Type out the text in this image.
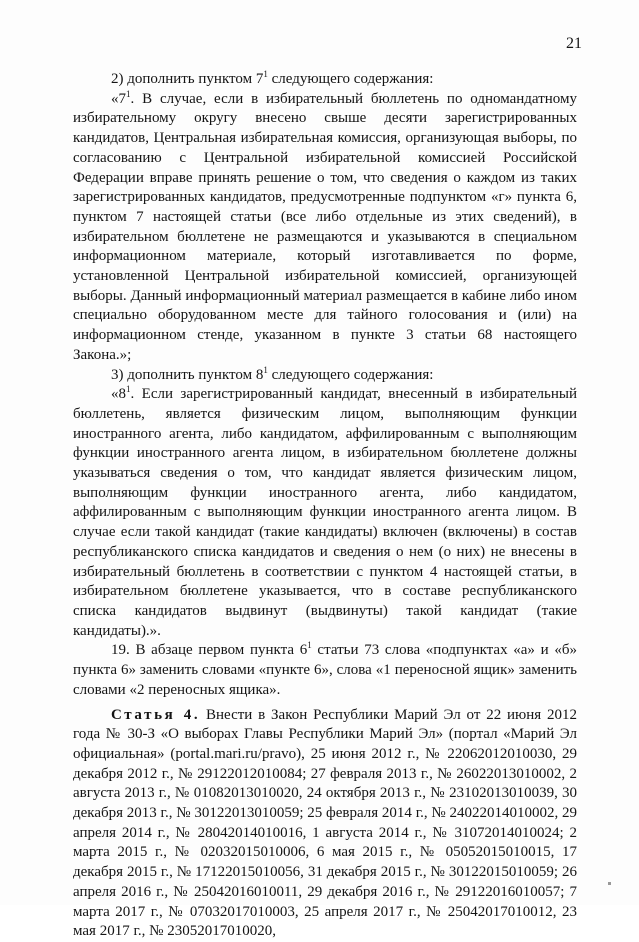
21

2) дополнить пунктом $7^1$ следующего содержания:

«$7^1$. В случае, если в избирательный бюллетень по одномандатному избирательному округу внесено свыше десяти зарегистрированных кандидатов, Центральная избирательная комиссия, организующая выборы, по согласованию с Центральной избирательной комиссией Российской Федерации вправе принять решение о том, что сведения о каждом из таких зарегистрированных кандидатов, предусмотренные подпунктом «г» пункта 6, пунктом 7 настоящей статьи (все либо отдельные из этих сведений), в избирательном бюллетене не размещаются и указываются в специальном информационном материале, который изготавливается по форме, установленной Центральной избирательной комиссией, организующей выборы. Данный информационный материал размещается в кабине либо ином специально оборудованном месте для тайного голосования и (или) на информационном стенде, указанном в пункте 3 статьи 68 настоящего Закона.»;

3) дополнить пунктом $8^1$ следующего содержания:

«$8^1$. Если зарегистрированный кандидат, внесенный в избирательный бюллетень, является физическим лицом, выполняющим функции иностранного агента, либо кандидатом, аффилированным с выполняющим функции иностранного агента лицом, в избирательном бюллетене должны указываться сведения о том, что кандидат является физическим лицом, выполняющим функции иностранного агента, либо кандидатом, аффилированным с выполняющим функции иностранного агента лицом. В случае если такой кандидат (такие кандидаты) включен (включены) в состав республиканского списка кандидатов и сведения о нем (о них) не внесены в избирательный бюллетень в соответствии с пунктом 4 настоящей статьи, в избирательном бюллетене указывается, что в составе республиканского списка кандидатов выдвинут (выдвинуты) такой кандидат (такие кандидаты).».

19. В абзаце первом пункта $6^1$ статьи 73 слова «подпунктах «а» и «б» пункта 6» заменить словами «пункте 6», слова «1 переносной ящик» заменить словами «2 переносных ящика».

Статья 4. Внести в Закон Республики Марий Эл от 22 июня 2012 года № 30-З «О выборах Главы Республики Марий Эл» (портал «Марий Эл официальная» (portal.mari.ru/pravo), 25 июня 2012 г., № 22062012010030, 29 декабря 2012 г., № 29122012010084; 27 февраля 2013 г., № 26022013010002, 2 августа 2013 г., № 01082013010020, 24 октября 2013 г., № 23102013010039, 30 декабря 2013 г., № 30122013010059; 25 февраля 2014 г., № 24022014010002, 29 апреля 2014 г., № 28042014010016, 1 августа 2014 г., № 31072014010024; 2 марта 2015 г., № 02032015010006, 6 мая 2015 г., № 05052015010015, 17 декабря 2015 г., № 17122015010056, 31 декабря 2015 г., № 30122015010059; 26 апреля 2016 г., № 25042016010011, 29 декабря 2016 г., № 29122016010057; 7 марта 2017 г., № 07032017010003, 25 апреля 2017 г., № 25042017010012, 23 мая 2017 г., № 23052017010020,
